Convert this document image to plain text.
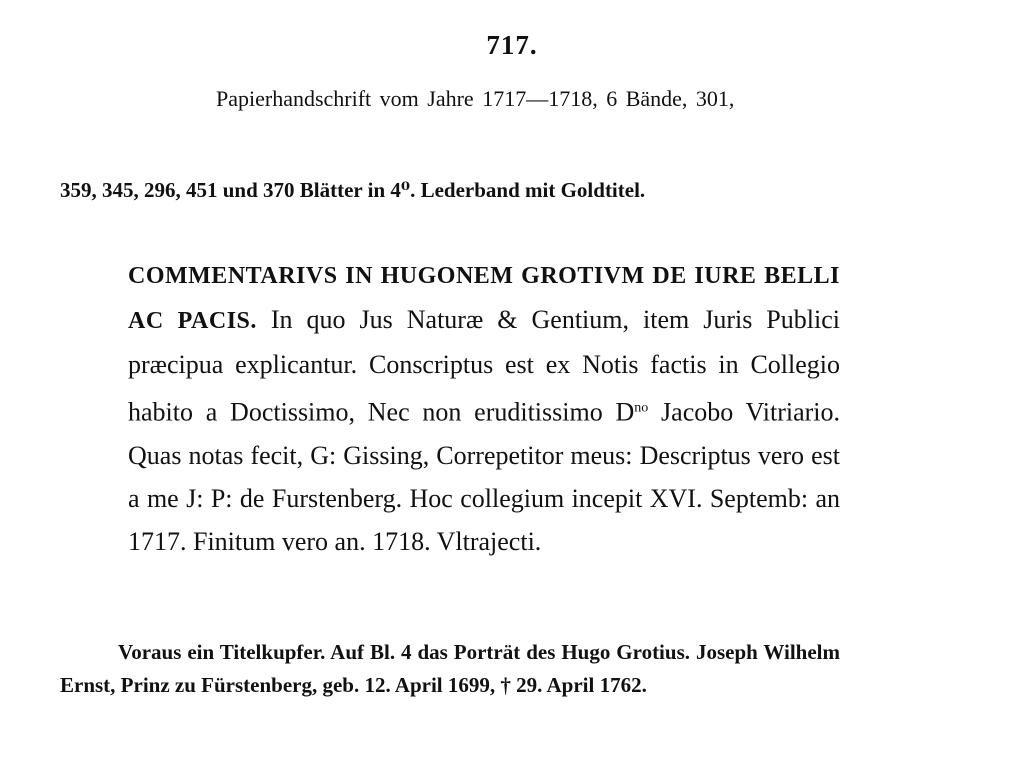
717.
Papierhandschrift vom Jahre 1717—1718, 6 Bände, 301,
359, 345, 296, 451 und 370 Blätter in 4⁰. Lederband mit Goldtitel.
COMMENTARIVS IN HUGONEM GROTIVM DE IURE BELLI AC PACIS. In quo Jus Naturæ & Gentium, item Juris Publici præcipua explicantur. Conscriptus est ex Notis factis in Collegio habito a Doctissimo, Nec non eruditissimo $D^{no}$ Jacobo Vitriario. Quas notas fecit, G: Gissing, Correpetitor meus: Descriptus vero est a me J: P: de Furstenberg. Hoc collegium incepit XVI. Septemb: an 1717. Finitum vero an. 1718. Vltrajecti.
Voraus ein Titelkupfer. Auf Bl. 4 das Porträt des Hugo Grotius. Joseph Wilhelm Ernst, Prinz zu Fürstenberg, geb. 12. April 1699, † 29. April 1762.
